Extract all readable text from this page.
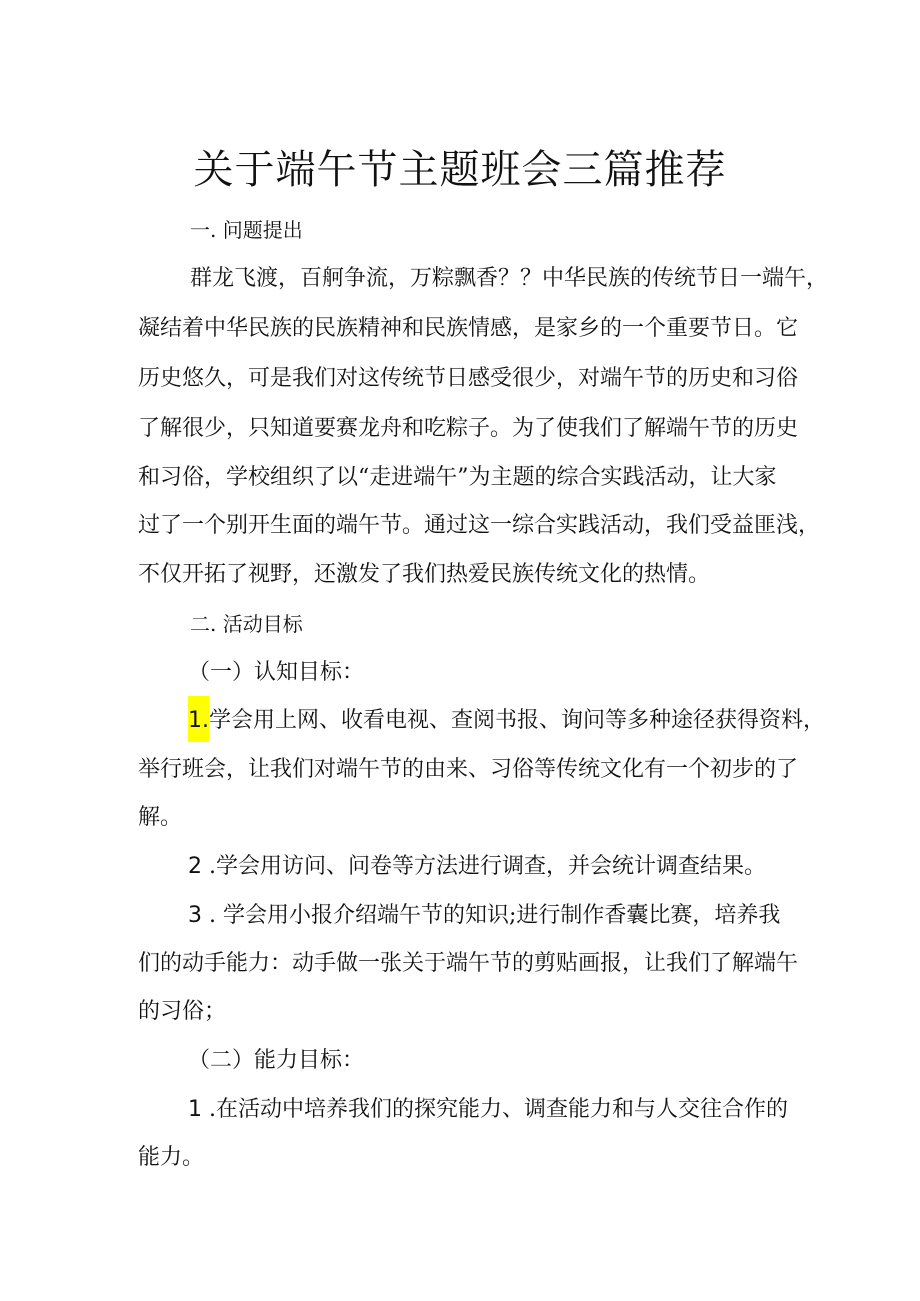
关于端午节主题班会三篇推荐

一. 问题提出

群龙飞渡，百舸争流，万粽飘香？？中华民族的传统节日一端午，

凝结着中华民族的民族精神和民族情感，是家乡的一个重要节日。它

历史悠久，可是我们对这传统节日感受很少，对端午节的历史和习俗

了解很少，只知道要赛龙舟和吃粽子。为了使我们了解端午节的历史

和习俗，学校组织了以“走进端午”为主题的综合实践活动，让大家

过了一个别开生面的端午节。通过这一综合实践活动，我们受益匪浅，

不仅开拓了视野，还激发了我们热爱民族传统文化的热情。

二. 活动目标

（一）认知目标：

1.学会用上网、收看电视、查阅书报、询问等多种途径获得资料，

举行班会，让我们对端午节的由来、习俗等传统文化有一个初步的了

解。

2 .学会用访问、问卷等方法进行调查，并会统计调查结果。

3 . 学会用小报介绍端午节的知识;进行制作香囊比赛，培养我

们的动手能力：动手做一张关于端午节的剪贴画报，让我们了解端午

的习俗；

（二）能力目标：

1 .在活动中培养我们的探究能力、调查能力和与人交往合作的

能力。
